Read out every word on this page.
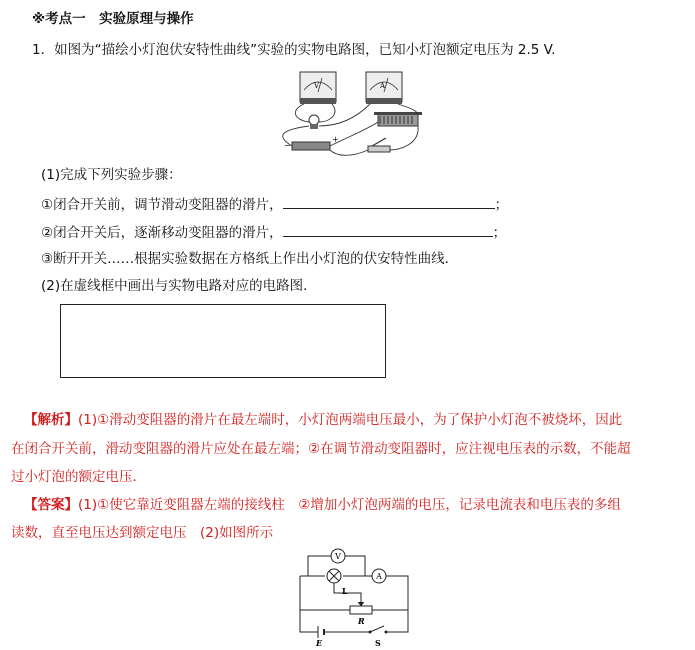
※考点一　实验原理与操作
1．如图为“描绘小灯泡伏安特性曲线”实验的实物电路图，已知小灯泡额定电压为 2.5 V.
V	A
+
−
(1)完成下列实验步骤：
①闭合开关前，调节滑动变阻器的滑片，	；
②闭合开关后，逐渐移动变阻器的滑片，	；
③断开开关……根据实验数据在方格纸上作出小灯泡的伏安特性曲线．
(2)在虚线框中画出与实物电路对应的电路图．
【解析】(1)①滑动变阻器的滑片在最左端时，小灯泡两端电压最小，为了保护小灯泡不被烧坏，因此
在闭合开关前，滑动变阻器的滑片应处在最左端；②在调节滑动变阻器时，应注视电压表的示数，不能超
过小灯泡的额定电压．
【答案】(1)①使它靠近变阻器左端的接线柱　②增加小灯泡两端的电压，记录电流表和电压表的多组
读数，直至电压达到额定电压　(2)如图所示
V
L
A
R
E	S
